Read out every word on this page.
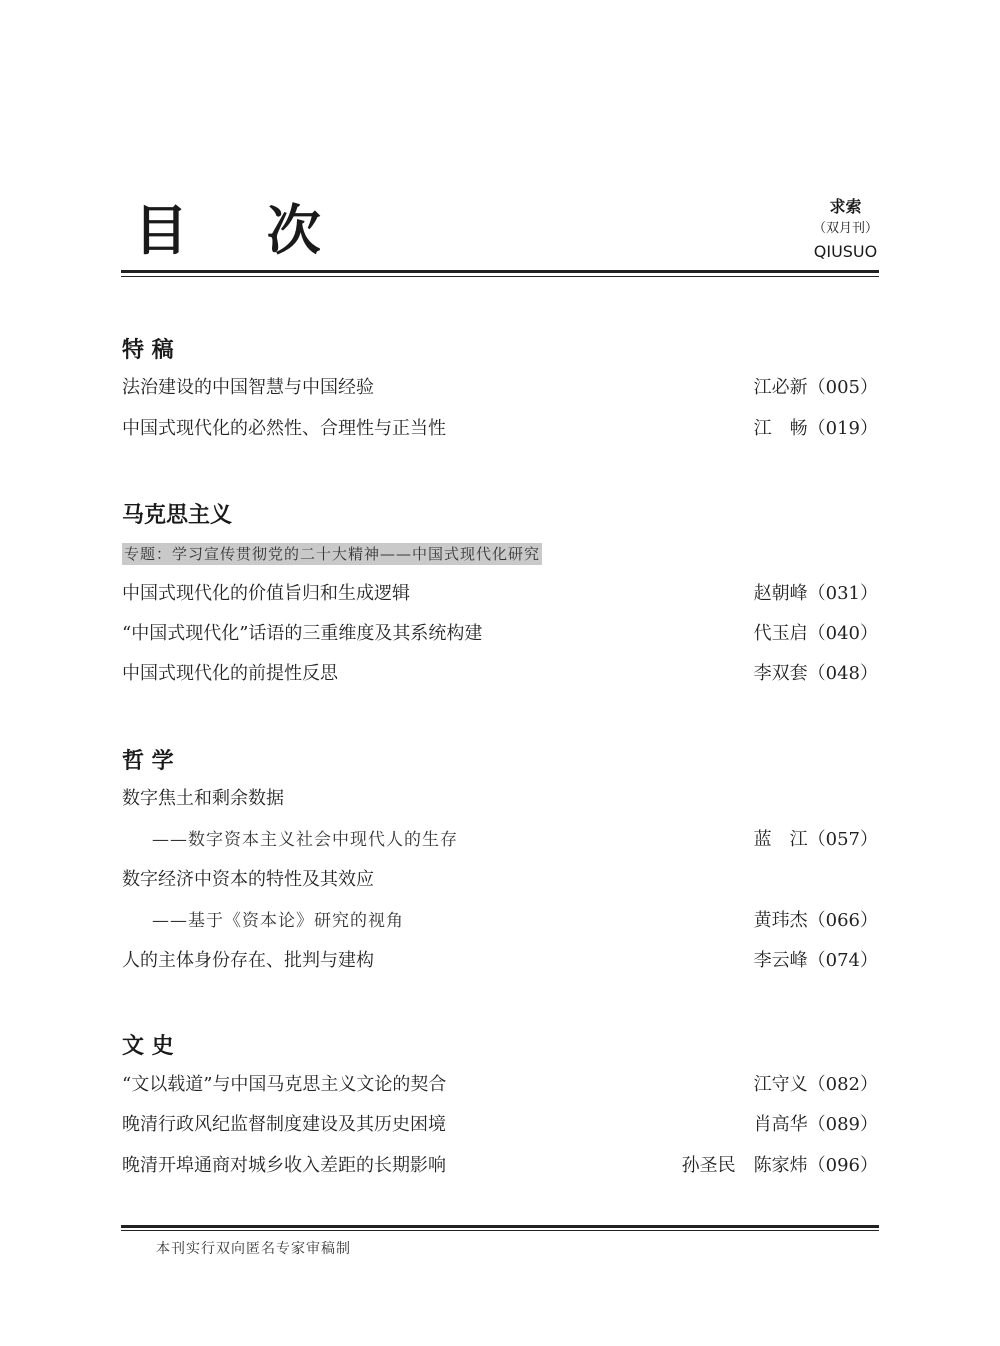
目 次	求索
（双月刊）
QIUSUO
特 稿
法治建设的中国智慧与中国经验	江必新（005）
中国式现代化的必然性、合理性与正当性	江　畅（019）
马克思主义
专题：学习宣传贯彻党的二十大精神——中国式现代化研究
中国式现代化的价值旨归和生成逻辑	赵朝峰（031）
“中国式现代化”话语的三重维度及其系统构建	代玉启（040）
中国式现代化的前提性反思	李双套（048）
哲 学
数字焦土和剩余数据
——数字资本主义社会中现代人的生存	蓝　江（057）
数字经济中资本的特性及其效应
——基于《资本论》研究的视角	黄玮杰（066）
人的主体身份存在、批判与建构	李云峰（074）
文 史
“文以载道”与中国马克思主义文论的契合	江守义（082）
晚清行政风纪监督制度建设及其历史困境	肖高华（089）
晚清开埠通商对城乡收入差距的长期影响	孙圣民　陈家炜（096）
本刊实行双向匿名专家审稿制
